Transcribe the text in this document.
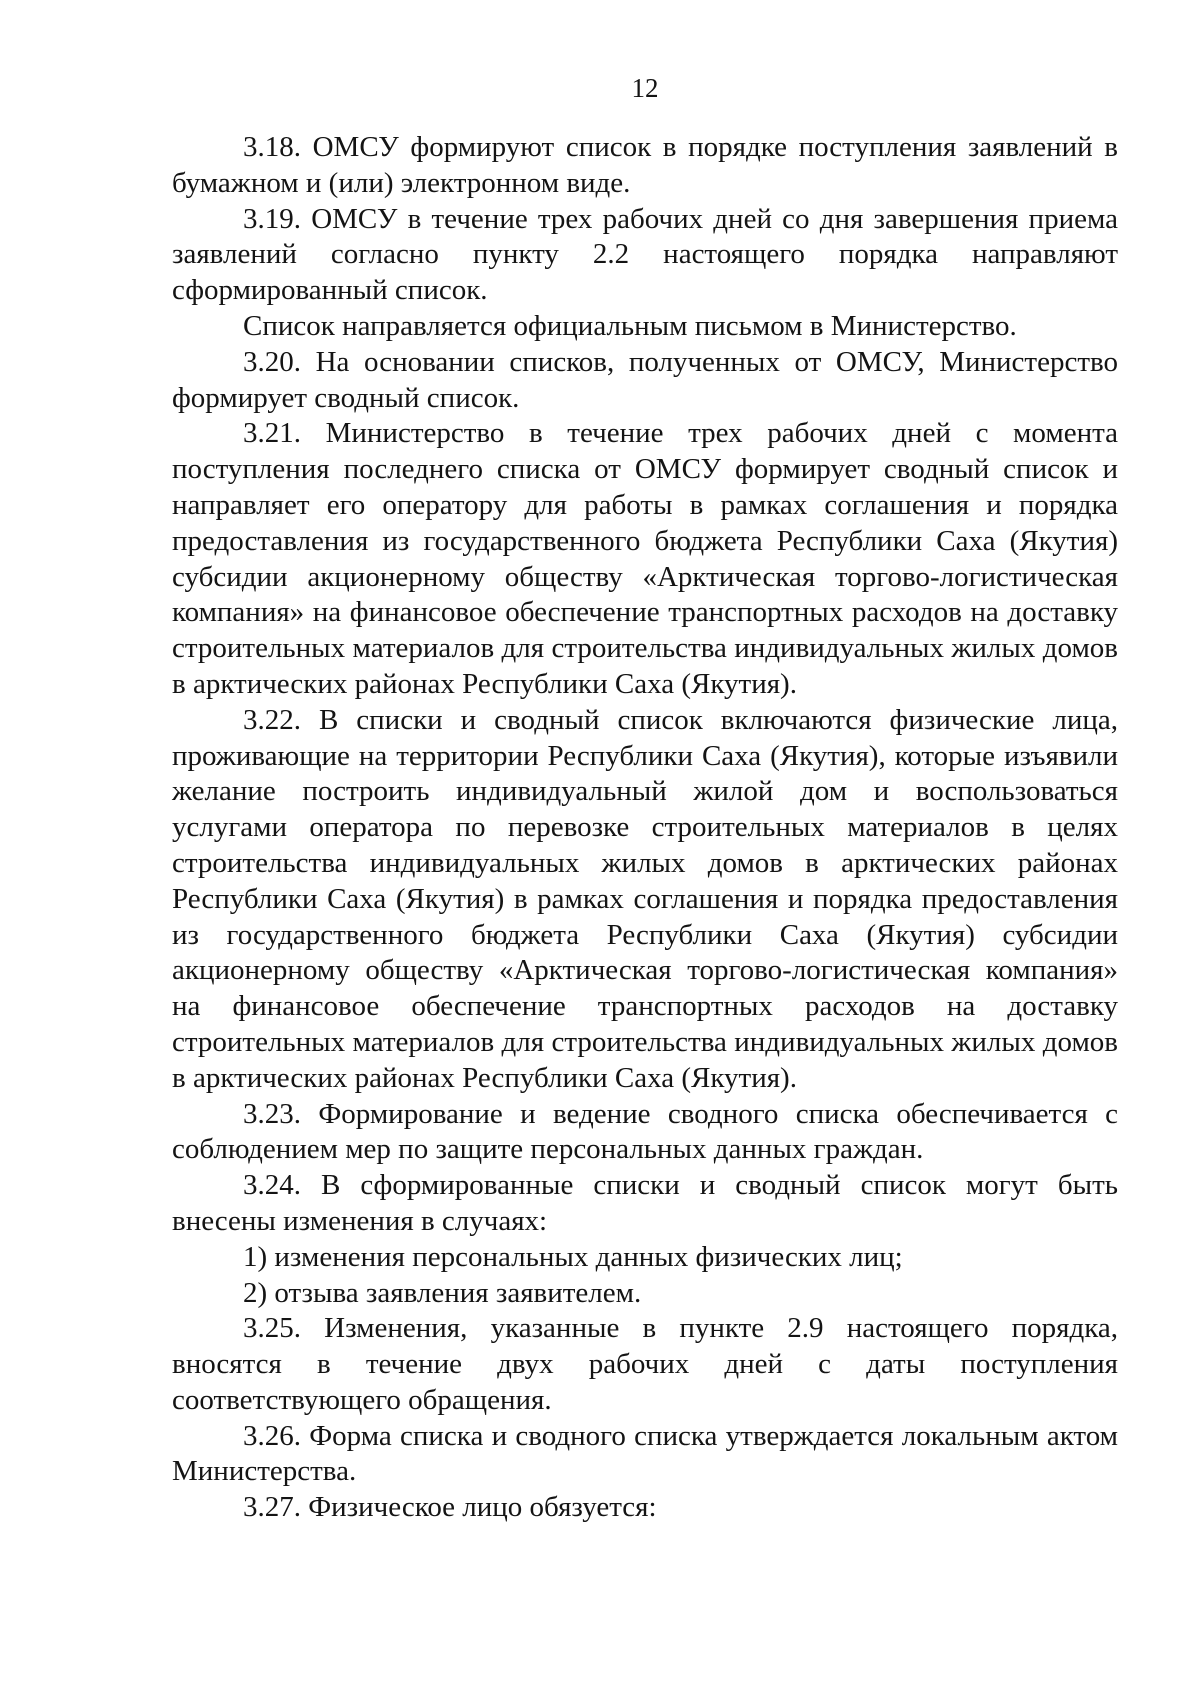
12

3.18. ОМСУ формируют список в порядке поступления заявлений в бумажном и (или) электронном виде.

3.19. ОМСУ в течение трех рабочих дней со дня завершения приема заявлений согласно пункту 2.2 настоящего порядка направляют сформированный список.

Список направляется официальным письмом в Министерство.

3.20. На основании списков, полученных от ОМСУ, Министерство формирует сводный список.

3.21. Министерство в течение трех рабочих дней с момента поступления последнего списка от ОМСУ формирует сводный список и направляет его оператору для работы в рамках соглашения и порядка предоставления из государственного бюджета Республики Саха (Якутия) субсидии акционерному обществу «Арктическая торгово-логистическая компания» на финансовое обеспечение транспортных расходов на доставку строительных материалов для строительства индивидуальных жилых домов в арктических районах Республики Саха (Якутия).

3.22. В списки и сводный список включаются физические лица, проживающие на территории Республики Саха (Якутия), которые изъявили желание построить индивидуальный жилой дом и воспользоваться услугами оператора по перевозке строительных материалов в целях строительства индивидуальных жилых домов в арктических районах Республики Саха (Якутия) в рамках соглашения и порядка предоставления из государственного бюджета Республики Саха (Якутия) субсидии акционерному обществу «Арктическая торгово-логистическая компания» на финансовое обеспечение транспортных расходов на доставку строительных материалов для строительства индивидуальных жилых домов в арктических районах Республики Саха (Якутия).

3.23. Формирование и ведение сводного списка обеспечивается с соблюдением мер по защите персональных данных граждан.

3.24. В сформированные списки и сводный список могут быть внесены изменения в случаях:

1) изменения персональных данных физических лиц;

2) отзыва заявления заявителем.

3.25. Изменения, указанные в пункте 2.9 настоящего порядка, вносятся в течение двух рабочих дней с даты поступления соответствующего обращения.

3.26. Форма списка и сводного списка утверждается локальным актом Министерства.

3.27. Физическое лицо обязуется:
